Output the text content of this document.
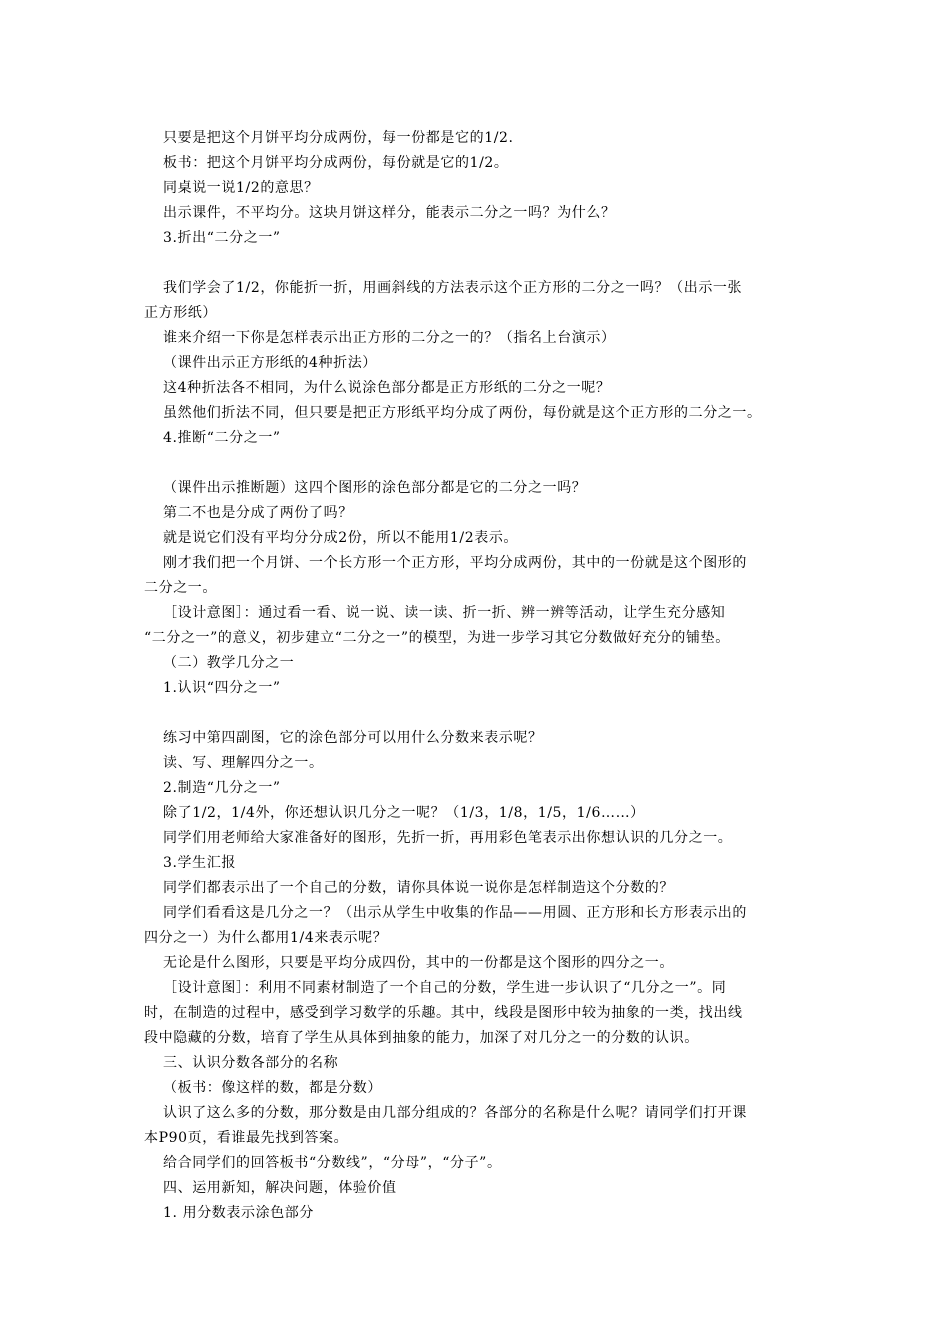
只要是把这个月饼平均分成两份，每一份都是它的1/2.
板书：把这个月饼平均分成两份，每份就是它的1/2。
同桌说一说1/2的意思？
出示课件，不平均分。这块月饼这样分，能表示二分之一吗？为什么？
3.折出“二分之一”
我们学会了1/2，你能折一折，用画斜线的方法表示这个正方形的二分之一吗？（出示一张
正方形纸）
谁来介绍一下你是怎样表示出正方形的二分之一的？（指名上台演示）
（课件出示正方形纸的4种折法）
这4种折法各不相同，为什么说涂色部分都是正方形纸的二分之一呢？
虽然他们折法不同，但只要是把正方形纸平均分成了两份，每份就是这个正方形的二分之一。
4.推断“二分之一”
（课件出示推断题）这四个图形的涂色部分都是它的二分之一吗？
第二不也是分成了两份了吗？
就是说它们没有平均分分成2份，所以不能用1/2表示。
刚才我们把一个月饼、一个长方形一个正方形，平均分成两份，其中的一份就是这个图形的
二分之一。
［设计意图］：通过看一看、说一说、读一读、折一折、辨一辨等活动，让学生充分感知
“二分之一”的意义，初步建立“二分之一”的模型，为进一步学习其它分数做好充分的铺垫。
（二）教学几分之一
1.认识“四分之一”
练习中第四副图，它的涂色部分可以用什么分数来表示呢？
读、写、理解四分之一。
2.制造“几分之一”
除了1/2，1/4外，你还想认识几分之一呢？（1/3，1/8，1/5，1/6……）
同学们用老师给大家准备好的图形，先折一折，再用彩色笔表示出你想认识的几分之一。
3.学生汇报
同学们都表示出了一个自己的分数，请你具体说一说你是怎样制造这个分数的？
同学们看看这是几分之一？（出示从学生中收集的作品——用圆、正方形和长方形表示出的
四分之一）为什么都用1/4来表示呢？
无论是什么图形，只要是平均分成四份，其中的一份都是这个图形的四分之一。
［设计意图］：利用不同素材制造了一个自己的分数，学生进一步认识了“几分之一”。同
时，在制造的过程中，感受到学习数学的乐趣。其中，线段是图形中较为抽象的一类，找出线
段中隐藏的分数，培育了学生从具体到抽象的能力，加深了对几分之一的分数的认识。
三、认识分数各部分的名称
（板书：像这样的数，都是分数）
认识了这么多的分数，那分数是由几部分组成的？各部分的名称是什么呢？请同学们打开课
本P90页，看谁最先找到答案。
给合同学们的回答板书“分数线”，“分母”，“分子”。
四、运用新知，解决问题，体验价值
1. 用分数表示涂色部分
